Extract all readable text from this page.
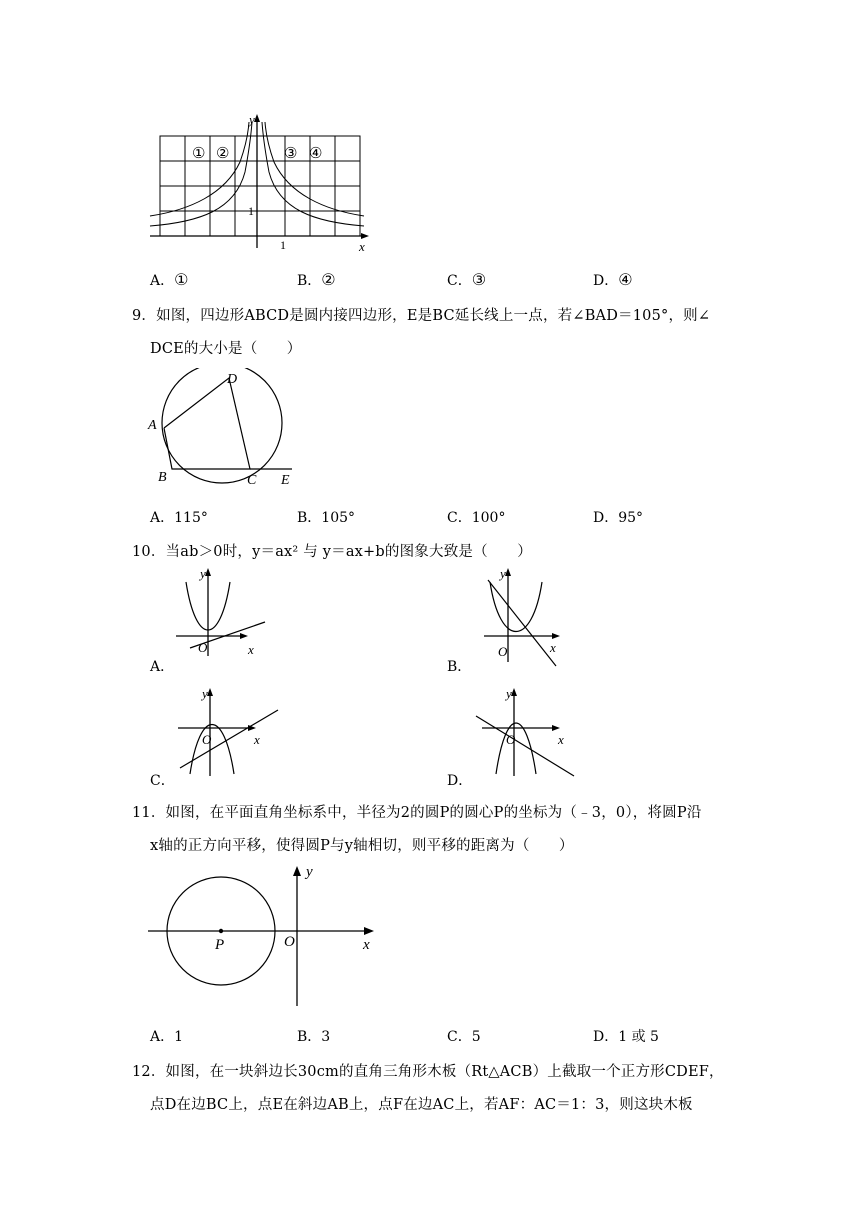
① ②	③ ④
y
x
1
1
A．①	B．②	C．③	D．④
9．如图，四边形ABCD是圆内接四边形，E是BC延长线上一点，若∠BAD＝105°，则∠
DCE的大小是（　　）
A
B	C
D
E
A．115°	B．105°	C．100°	D．95°
10．当ab＞0时，y＝ax² 与 y＝ax+b的图象大致是（　　）
y
x
O
A．
y
x
O
B．
y
x
O
C．
y
x
O
D．
11．如图，在平面直角坐标系中，半径为2的圆P的圆心P的坐标为（﹣3，0），将圆P沿
x轴的正方向平移，使得圆P与y轴相切，则平移的距离为（　　）
y
x
O
P
A．1	B．3	C．5	D．1 或 5
12．如图，在一块斜边长30cm的直角三角形木板（Rt△ACB）上截取一个正方形CDEF，
点D在边BC上，点E在斜边AB上，点F在边AC上，若AF：AC＝1：3，则这块木板
